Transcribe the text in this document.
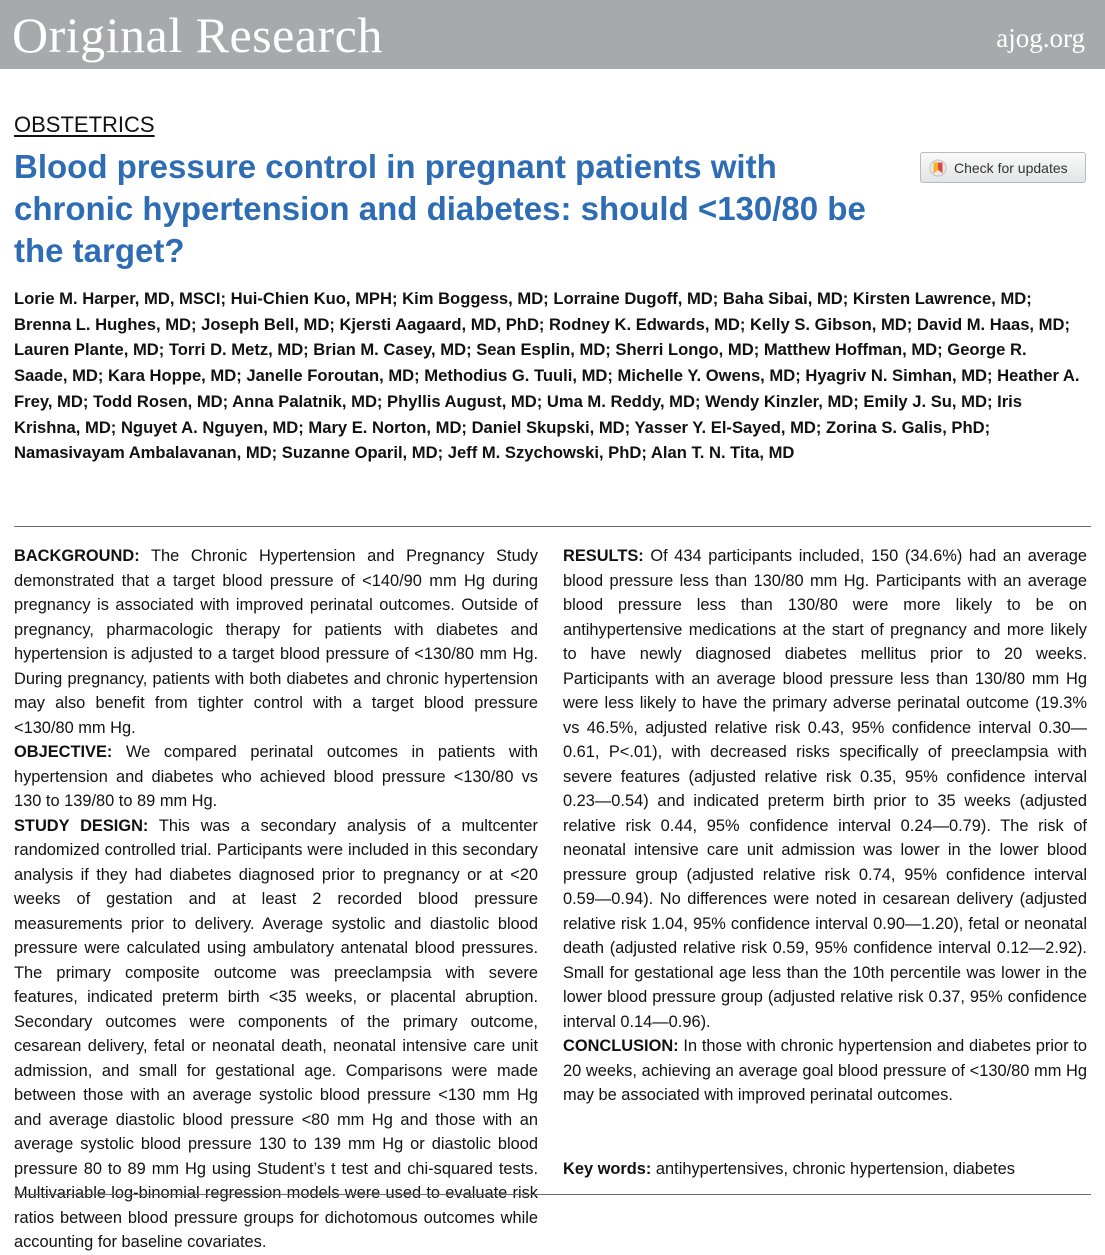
Original Research	ajog.org
OBSTETRICS
Blood pressure control in pregnant patients with chronic hypertension and diabetes: should <130/80 be the target?
Check for updates

Lorie M. Harper, MD, MSCI; Hui-Chien Kuo, MPH; Kim Boggess, MD; Lorraine Dugoff, MD; Baha Sibai, MD; Kirsten Lawrence, MD; Brenna L. Hughes, MD; Joseph Bell, MD; Kjersti Aagaard, MD, PhD; Rodney K. Edwards, MD; Kelly S. Gibson, MD; David M. Haas, MD; Lauren Plante, MD; Torri D. Metz, MD; Brian M. Casey, MD; Sean Esplin, MD; Sherri Longo, MD; Matthew Hoffman, MD; George R. Saade, MD; Kara Hoppe, MD; Janelle Foroutan, MD; Methodius G. Tuuli, MD; Michelle Y. Owens, MD; Hyagriv N. Simhan, MD; Heather A. Frey, MD; Todd Rosen, MD; Anna Palatnik, MD; Phyllis August, MD; Uma M. Reddy, MD; Wendy Kinzler, MD; Emily J. Su, MD; Iris Krishna, MD; Nguyet A. Nguyen, MD; Mary E. Norton, MD; Daniel Skupski, MD; Yasser Y. El-Sayed, MD; Zorina S. Galis, PhD; Namasivayam Ambalavanan, MD; Suzanne Oparil, MD; Jeff M. Szychowski, PhD; Alan T. N. Tita, MD

BACKGROUND: The Chronic Hypertension and Pregnancy Study demonstrated that a target blood pressure of <140/90 mm Hg during pregnancy is associated with improved perinatal outcomes. Outside of pregnancy, pharmacologic therapy for patients with diabetes and hypertension is adjusted to a target blood pressure of <130/80 mm Hg. During pregnancy, patients with both diabetes and chronic hypertension may also benefit from tighter control with a target blood pressure <130/80 mm Hg.

OBJECTIVE: We compared perinatal outcomes in patients with hypertension and diabetes who achieved blood pressure <130/80 vs 130 to 139/80 to 89 mm Hg.

STUDY DESIGN: This was a secondary analysis of a multcenter randomized controlled trial. Participants were included in this secondary analysis if they had diabetes diagnosed prior to pregnancy or at <20 weeks of gestation and at least 2 recorded blood pressure measurements prior to delivery. Average systolic and diastolic blood pressure were calculated using ambulatory antenatal blood pressures. The primary composite outcome was preeclampsia with severe features, indicated preterm birth <35 weeks, or placental abruption. Secondary outcomes were components of the primary outcome, cesarean delivery, fetal or neonatal death, neonatal intensive care unit admission, and small for gestational age. Comparisons were made between those with an average systolic blood pressure <130 mm Hg and average diastolic blood pressure <80 mm Hg and those with an average systolic blood pressure 130 to 139 mm Hg or diastolic blood pressure 80 to 89 mm Hg using Student’s t test and chi-squared tests. Multivariable log-binomial regression models were used to evaluate risk ratios between blood pressure groups for dichotomous outcomes while accounting for baseline covariates.

RESULTS: Of 434 participants included, 150 (34.6%) had an average blood pressure less than 130/80 mm Hg. Participants with an average blood pressure less than 130/80 were more likely to be on antihypertensive medications at the start of pregnancy and more likely to have newly diagnosed diabetes mellitus prior to 20 weeks. Participants with an average blood pressure less than 130/80 mm Hg were less likely to have the primary adverse perinatal outcome (19.3% vs 46.5%, adjusted relative risk 0.43, 95% confidence interval 0.30—0.61, P<.01), with decreased risks specifically of preeclampsia with severe features (adjusted relative risk 0.35, 95% confidence interval 0.23—0.54) and indicated preterm birth prior to 35 weeks (adjusted relative risk 0.44, 95% confidence interval 0.24—0.79). The risk of neonatal intensive care unit admission was lower in the lower blood pressure group (adjusted relative risk 0.74, 95% confidence interval 0.59—0.94). No differences were noted in cesarean delivery (adjusted relative risk 1.04, 95% confidence interval 0.90—1.20), fetal or neonatal death (adjusted relative risk 0.59, 95% confidence interval 0.12—2.92). Small for gestational age less than the 10th percentile was lower in the lower blood pressure group (adjusted relative risk 0.37, 95% confidence interval 0.14—0.96).

CONCLUSION: In those with chronic hypertension and diabetes prior to 20 weeks, achieving an average goal blood pressure of <130/80 mm Hg may be associated with improved perinatal outcomes.

Key words: antihypertensives, chronic hypertension, diabetes
